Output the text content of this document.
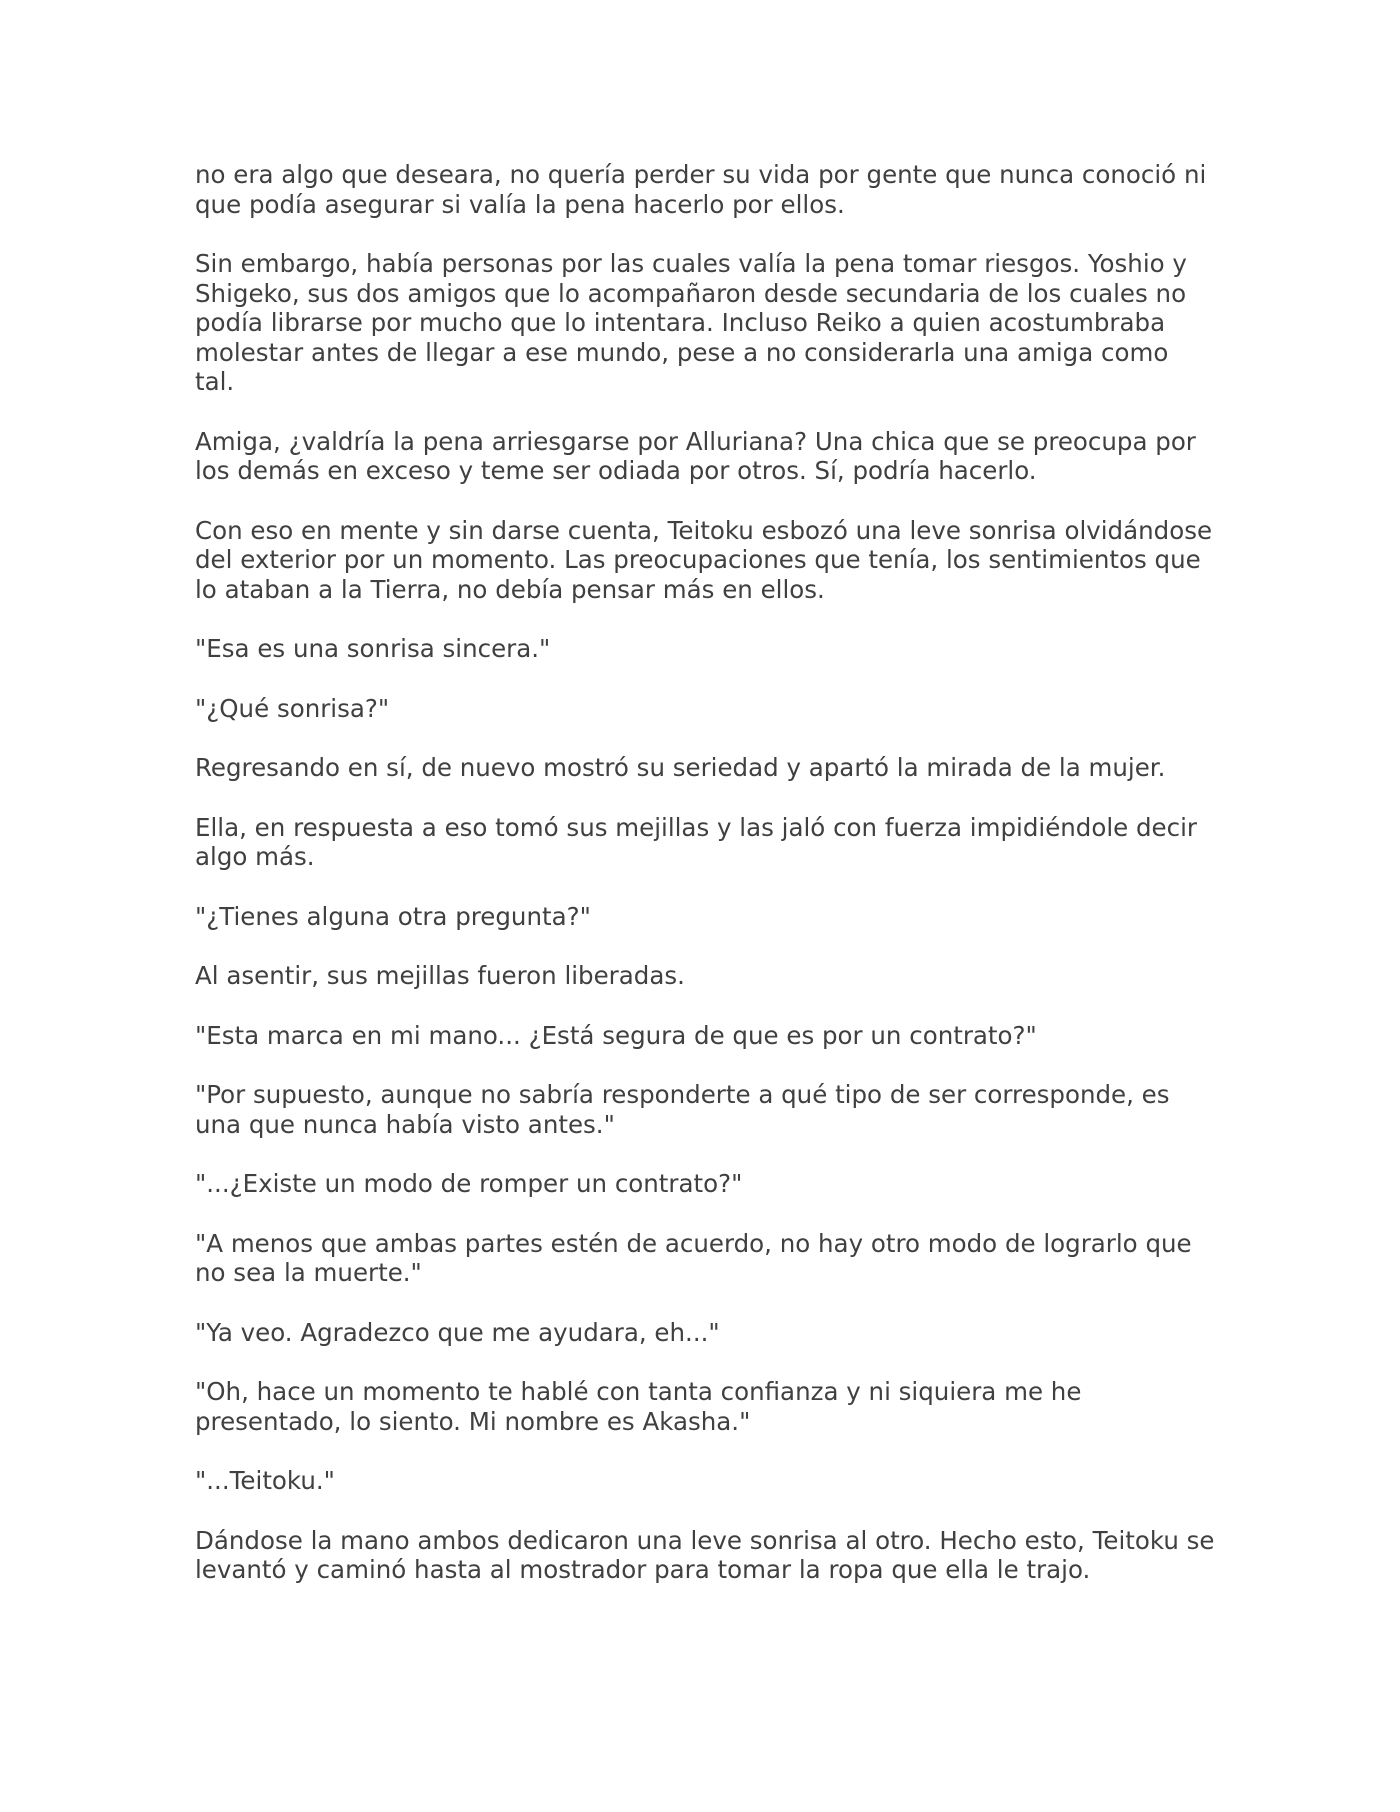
no era algo que deseara, no quería perder su vida por gente que nunca conoció ni que podía asegurar si valía la pena hacerlo por ellos.

Sin embargo, había personas por las cuales valía la pena tomar riesgos. Yoshio y Shigeko, sus dos amigos que lo acompañaron desde secundaria de los cuales no podía librarse por mucho que lo intentara. Incluso Reiko a quien acostumbraba molestar antes de llegar a ese mundo, pese a no considerarla una amiga como tal.

Amiga, ¿valdría la pena arriesgarse por Alluriana? Una chica que se preocupa por los demás en exceso y teme ser odiada por otros. Sí, podría hacerlo.

Con eso en mente y sin darse cuenta, Teitoku esbozó una leve sonrisa olvidándose del exterior por un momento. Las preocupaciones que tenía, los sentimientos que lo ataban a la Tierra, no debía pensar más en ellos.

"Esa es una sonrisa sincera."

"¿Qué sonrisa?"

Regresando en sí, de nuevo mostró su seriedad y apartó la mirada de la mujer.

Ella, en respuesta a eso tomó sus mejillas y las jaló con fuerza impidiéndole decir algo más.

"¿Tienes alguna otra pregunta?"

Al asentir, sus mejillas fueron liberadas.

"Esta marca en mi mano... ¿Está segura de que es por un contrato?"

"Por supuesto, aunque no sabría responderte a qué tipo de ser corresponde, es una que nunca había visto antes."

"...¿Existe un modo de romper un contrato?"

"A menos que ambas partes estén de acuerdo, no hay otro modo de lograrlo que no sea la muerte."

"Ya veo. Agradezco que me ayudara, eh..."

"Oh, hace un momento te hablé con tanta confianza y ni siquiera me he presentado, lo siento. Mi nombre es Akasha."

"...Teitoku."

Dándose la mano ambos dedicaron una leve sonrisa al otro. Hecho esto, Teitoku se levantó y caminó hasta al mostrador para tomar la ropa que ella le trajo.
